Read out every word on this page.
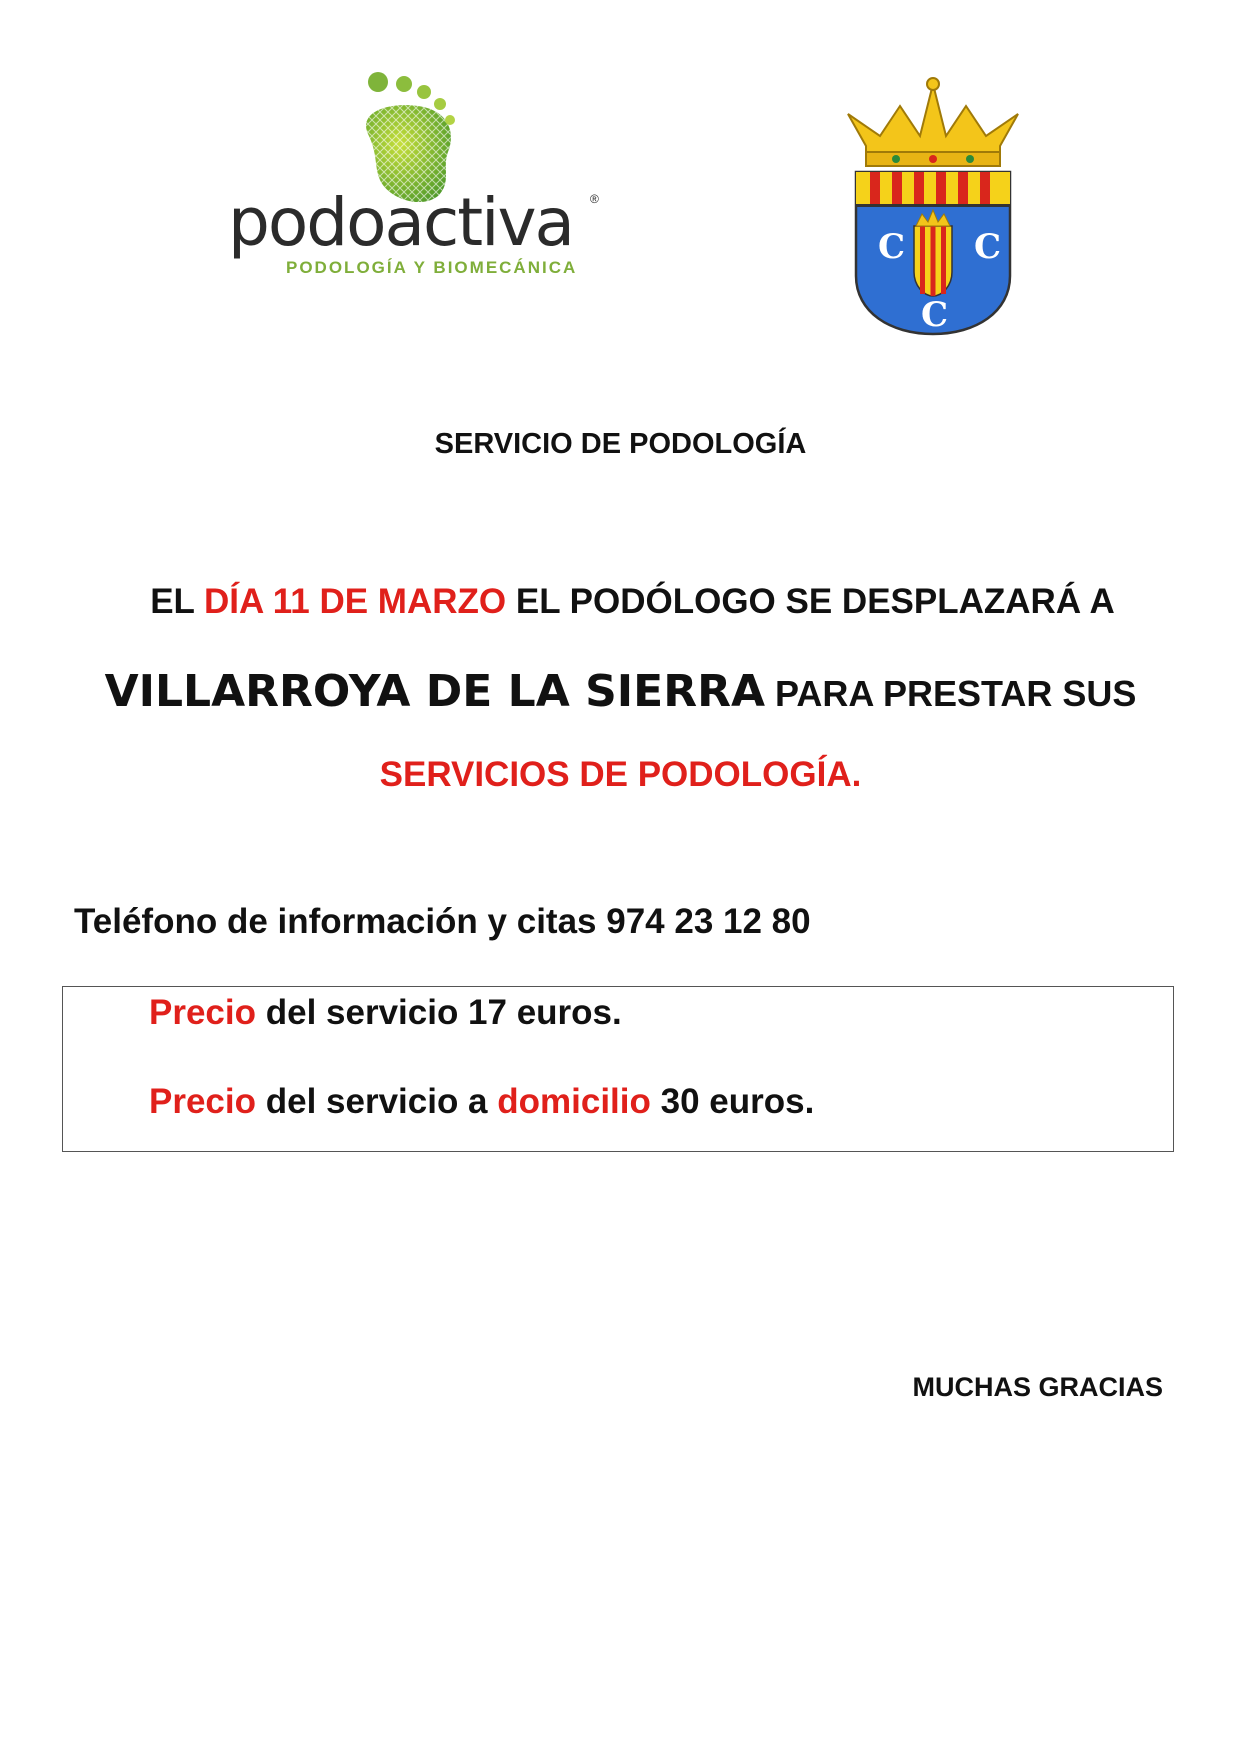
podoactiva ®
PODOLOGÍA Y BIOMECÁNICA
C C
C
SERVICIO DE PODOLOGÍA
EL DÍA 11 DE MARZO EL PODÓLOGO SE DESPLAZARÁ A
VILLARROYA DE LA SIERRA PARA PRESTAR SUS
SERVICIOS DE PODOLOGÍA.
Teléfono de información y citas 974 23 12 80
Precio del servicio 17 euros.
Precio del servicio a domicilio 30 euros.
MUCHAS GRACIAS
